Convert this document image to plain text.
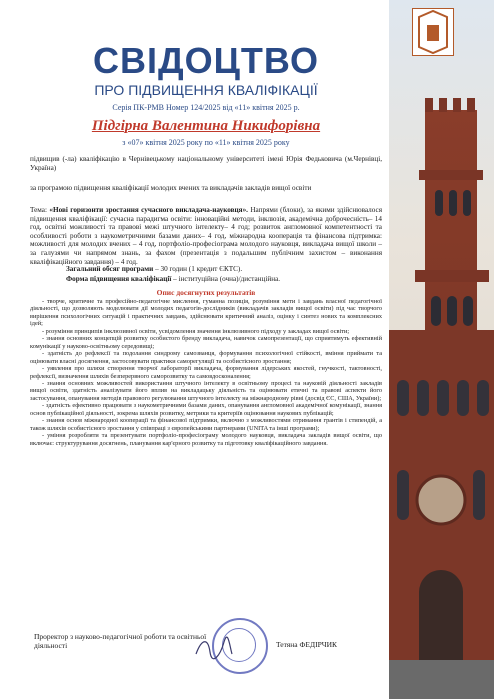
СВІДОЦТВО
ПРО ПІДВИЩЕННЯ КВАЛІФІКАЦІЇ
Серія ПК-РМВ Номер 124/2025 від «11» квітня 2025 р.
Підгірна Валентина Никифорівна
з «07» квітня 2025 року по «11» квітня 2025 року
підвищив (-ла) кваліфікацію в Чернівецькому національному університеті імені Юрія Федьковича (м.Чернівці, Україна)
за програмою підвищення кваліфікації молодих вчених та викладачів закладів вищої освіти
Тема: «Нові горизонти зростання сучасного викладача-науковця». Напрями (блоки), за якими здійснювалося підвищення кваліфікації: сучасна парадигма освіти: інноваційні методи, інклюзія, академічна доброчесність– 14 год, освітні можливості та правові межі штучного інтелекту– 4 год; розвиток англомовної компетентності та особливості роботи з наукометричними базами даних– 4 год, міжнародна кооперація та фінансова підтримка: можливості для молодих вчених – 4 год, портфоліо-професіограма молодого науковця, викладача вищої школи – за галузями чи напрямом знань, за фахом (презентація з подальшим публічним захистом – виконання кваліфікаційного завдання) – 4 год.
Загальний обсяг програми – 30 годин (1 кредит ЄКТС).
Форма підвищення кваліфікації – інституційна (очна)/дистанційна.
Опис досягнутих результатів
- творче, критичне та професійно-педагогічне мислення, гуманна позиція, розуміння мети і завдань власної педагогічної діяльності, що дозволяють моделювати дії молодих педагогів-дослідників (викладачів закладів вищої освіти) під час творчого вирішення психологічних ситуацій і практичних завдань, здійснювати критичний аналіз, оцінку і синтез нових та комплексних ідей;
- розуміння принципів інклюзивної освіти, усвідомлення значення інклюзивного підходу у закладах вищої освіти;
- знання основних концепцій розвитку особистого бренду викладача, навичок самопрезентації, що сприятимуть ефективній комунікації у науково-освітньому середовищі;
- здатність до рефлексії та подолання синдрому самозванця, формування психологічної стійкості, вміння приймати та оцінювати власні досягнення, застосовувати практики саморегуляції та особистісного зростання;
- уявлення про шляхи створення творчої лабораторії викладача, формування лідерських якостей, гнучкості, тактовності, рефлексії, визначення шляхів безперервного саморозвитку та самовдосконалення;
- знання основних можливостей використання штучного інтелекту в освітньому процесі та науковій діяльності закладів вищої освіти, здатність аналізувати його вплив на викладацьку діяльність та оцінювати етичні та правові аспекти його застосування, опанування методів правового регулювання штучного інтелекту на міжнародному рівні (досвід ЄС, США, України);
- здатність ефективно працювати з наукометричними базами даних, опанування англомовної академічної комунікації, знання основ публікаційної діяльності, зокрема шляхів розвитку, метрики та критеріїв оцінювання наукових публікацій;
- знання основ міжнародної кооперації та фінансової підтримки, включно з можливостями отримання грантів і стипендій, а також шляхів особистісного зростання у співпраці з європейськими партнерами (UNITA та інші програми);
- уміння розробляти та презентувати портфоліо-професіограму молодого науковця, викладача закладів вищої освіти, що включає: структурування досягнень, планування кар'єрного розвитку та підготовку кваліфікаційного завдання.
Проректор з науково-педагогічної роботи та освітньої діяльності	Тетяна ФЕДІРЧИК
